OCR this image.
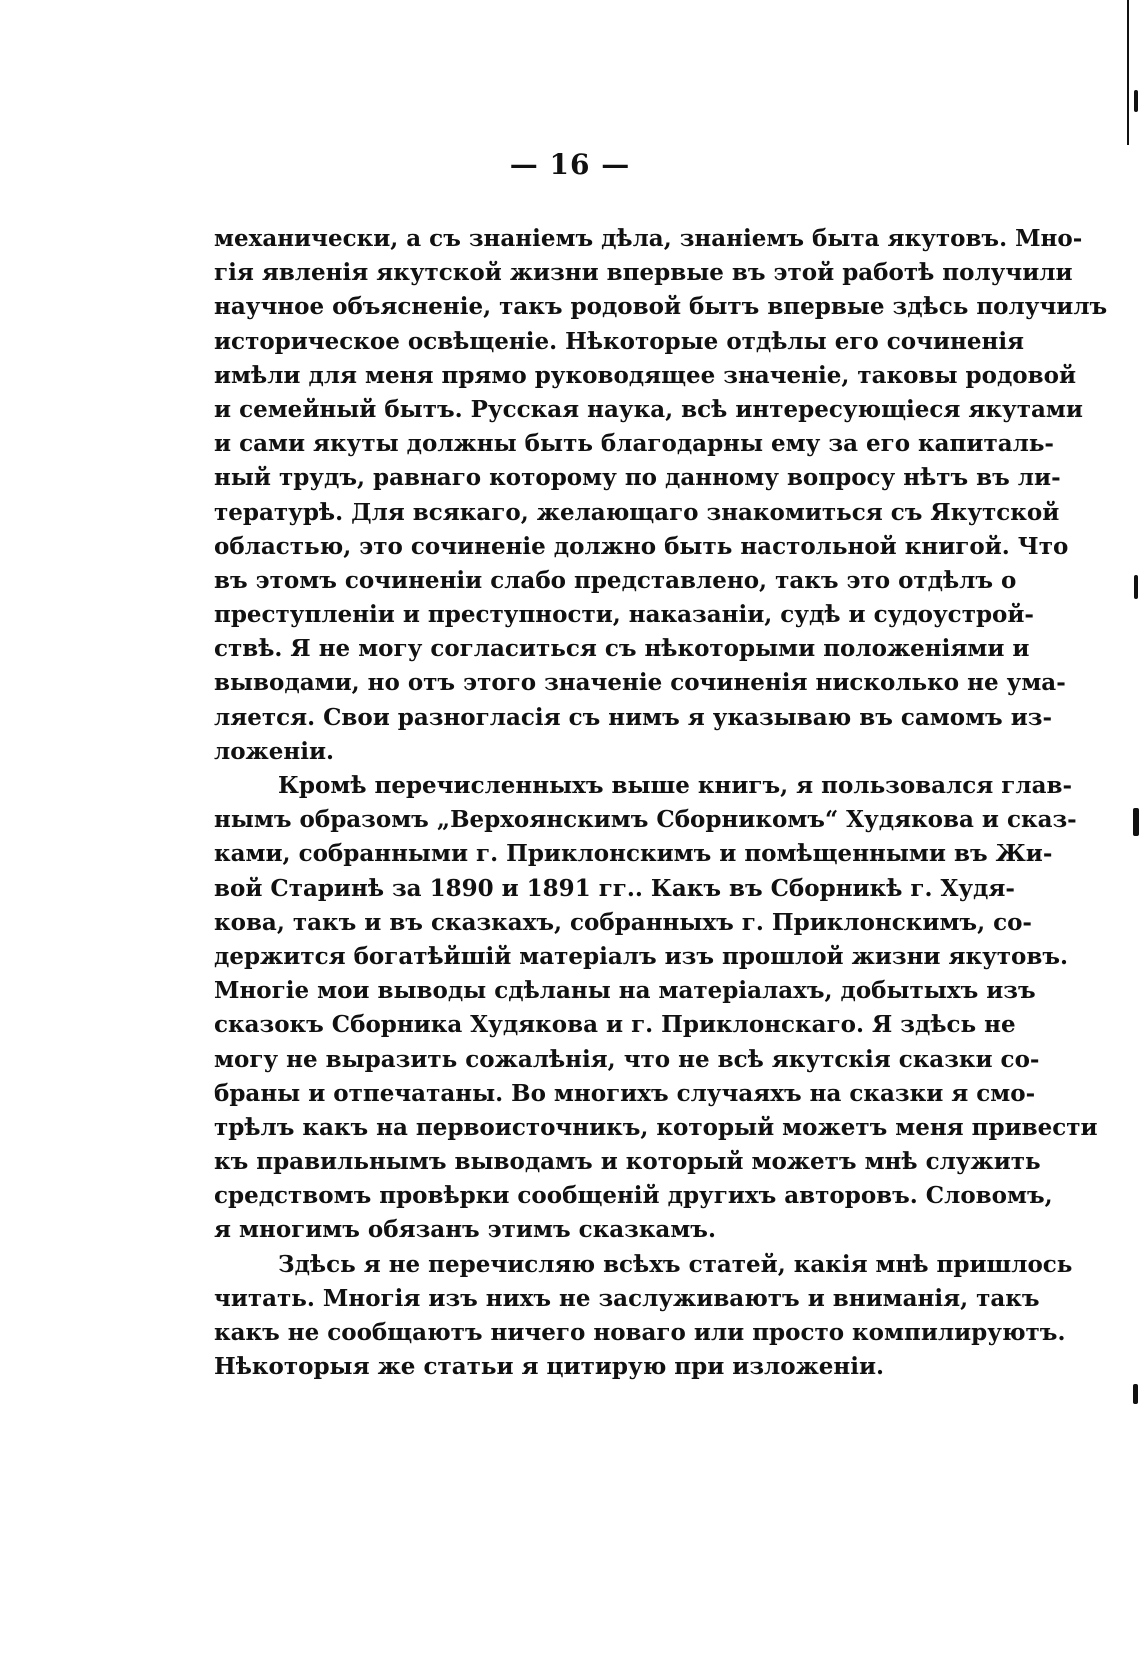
— 16 —
механически, а съ знаніемъ дѣла, знаніемъ быта якутовъ. Мно-
гія явленія якутской жизни впервые въ этой работѣ получили
научное объясненіе, такъ родовой бытъ впервые здѣсь получилъ
историческое освѣщеніе. Нѣкоторые отдѣлы его сочиненія
имѣли для меня прямо руководящее значеніе, таковы родовой
и семейный бытъ. Русская наука, всѣ интересующіеся якутами
и сами якуты должны быть благодарны ему за его капиталь-
ный трудъ, равнаго которому по данному вопросу нѣтъ въ ли-
тературѣ. Для всякаго, желающаго знакомиться съ Якутской
областью, это сочиненіе должно быть настольной книгой. Что
въ этомъ сочиненіи слабо представлено, такъ это отдѣлъ о
преступленіи и преступности, наказаніи, судѣ и судоустрой-
ствѣ. Я не могу согласиться съ нѣкоторыми положеніями и
выводами, но отъ этого значеніе сочиненія нисколько не ума-
ляется. Свои разногласія съ нимъ я указываю въ самомъ из-
ложеніи.
Кромѣ перечисленныхъ выше книгъ, я пользовался глав-
нымъ образомъ „Верхоянскимъ Сборникомъ“ Худякова и сказ-
ками, собранными г. Приклонскимъ и помѣщенными въ Жи-
вой Старинѣ за 1890 и 1891 гг.. Какъ въ Сборникѣ г. Худя-
кова, такъ и въ сказкахъ, собранныхъ г. Приклонскимъ, со-
держится богатѣйшій матеріалъ изъ прошлой жизни якутовъ.
Многіе мои выводы сдѣланы на матеріалахъ, добытыхъ изъ
сказокъ Сборника Худякова и г. Приклонскаго. Я здѣсь не
могу не выразить сожалѣнія, что не всѣ якутскія сказки со-
браны и отпечатаны. Во многихъ случаяхъ на сказки я смо-
трѣлъ какъ на первоисточникъ, который можетъ меня привести
къ правильнымъ выводамъ и который можетъ мнѣ служить
средствомъ провѣрки сообщеній другихъ авторовъ. Словомъ,
я многимъ обязанъ этимъ сказкамъ.
Здѣсь я не перечисляю всѣхъ статей, какія мнѣ пришлось
читать. Многія изъ нихъ не заслуживаютъ и вниманія, такъ
какъ не сообщаютъ ничего новаго или просто компилируютъ.
Нѣкоторыя же статьи я цитирую при изложеніи.
